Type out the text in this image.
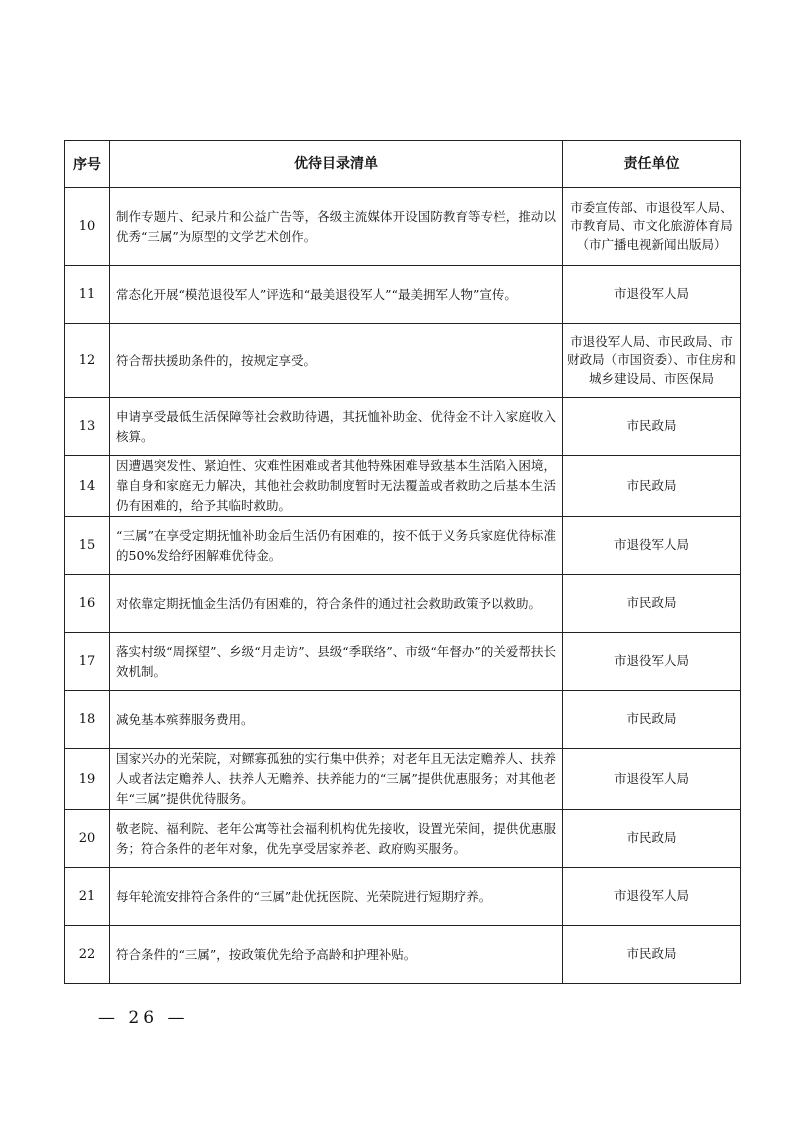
序号	优待目录清单	责任单位
10	制作专题片、纪录片和公益广告等，各级主流媒体开设国防教育等专栏，推动以优秀“三属”为原型的文学艺术创作。	市委宣传部、市退役军人局、市教育局、市文化旅游体育局（市广播电视新闻出版局）
11	常态化开展“模范退役军人”评选和“最美退役军人”“最美拥军人物”宣传。	市退役军人局
12	符合帮扶援助条件的，按规定享受。	市退役军人局、市民政局、市财政局（市国资委）、市住房和城乡建设局、市医保局
13	申请享受最低生活保障等社会救助待遇，其抚恤补助金、优待金不计入家庭收入核算。	市民政局
14	因遭遇突发性、紧迫性、灾难性困难或者其他特殊困难导致基本生活陷入困境，靠自身和家庭无力解决，其他社会救助制度暂时无法覆盖或者救助之后基本生活仍有困难的，给予其临时救助。	市民政局
15	“三属”在享受定期抚恤补助金后生活仍有困难的，按不低于义务兵家庭优待标准的50%发给纾困解难优待金。	市退役军人局
16	对依靠定期抚恤金生活仍有困难的，符合条件的通过社会救助政策予以救助。	市民政局
17	落实村级“周探望”、乡级“月走访”、县级“季联络”、市级“年督办”的关爱帮扶长效机制。	市退役军人局
18	减免基本殡葬服务费用。	市民政局
19	国家兴办的光荣院，对鳏寡孤独的实行集中供养；对老年且无法定赡养人、扶养人或者法定赡养人、扶养人无赡养、扶养能力的“三属”提供优惠服务；对其他老年“三属”提供优待服务。	市退役军人局
20	敬老院、福利院、老年公寓等社会福利机构优先接收，设置光荣间，提供优惠服务；符合条件的老年对象，优先享受居家养老、政府购买服务。	市民政局
21	每年轮流安排符合条件的“三属”赴优抚医院、光荣院进行短期疗养。	市退役军人局
22	符合条件的“三属”，按政策优先给予高龄和护理补贴。	市民政局
— 26 —
